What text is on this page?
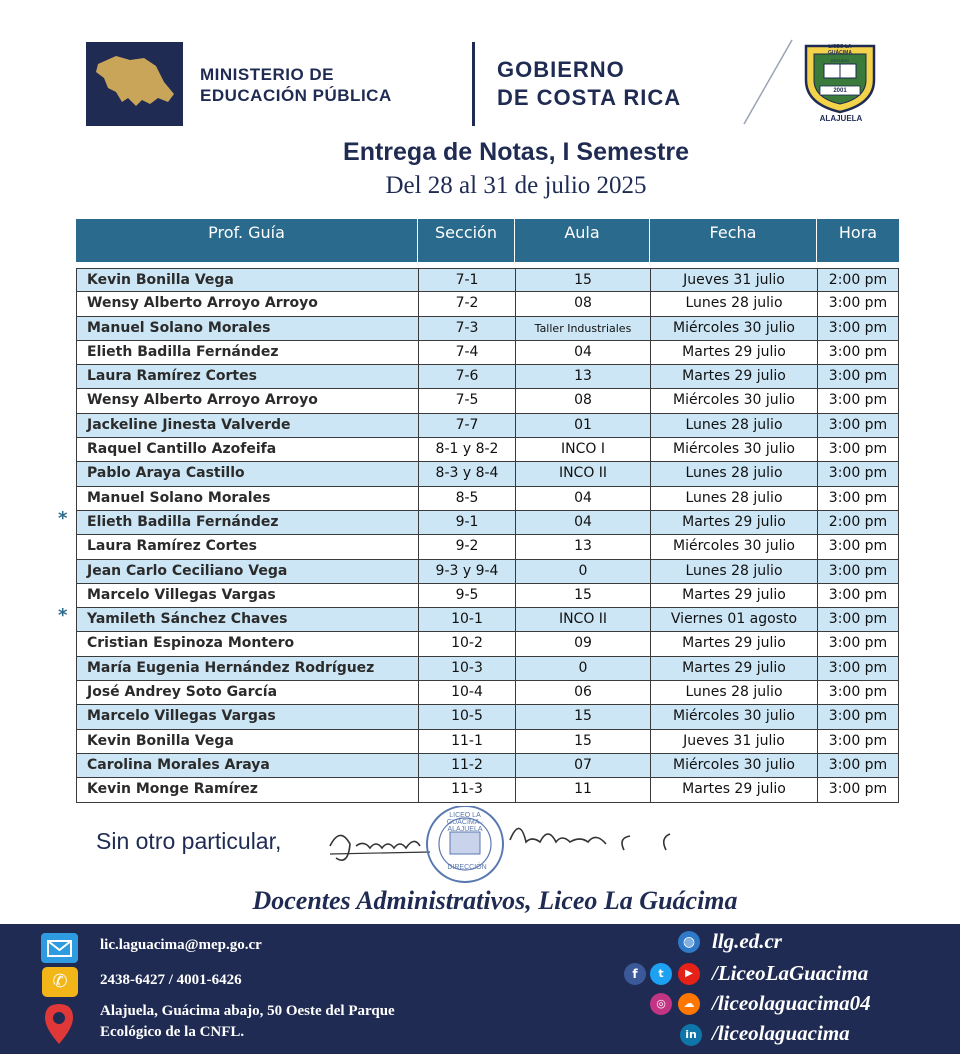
MINISTERIO DE
EDUCACIÓN PÚBLICA
GOBIERNO
DE COSTA RICA
LICEO LA GUÁCIMA
2001
ESTUDIO
ALAJUELA
Entrega de Notas, I Semestre
Del 28 al 31 de julio 2025
Prof. Guía	Sección	Aula	Fecha	Hora
Kevin Bonilla Vega	7-1	15	Jueves 31 julio	2:00 pm
Wensy Alberto Arroyo Arroyo	7-2	08	Lunes 28 julio	3:00 pm
Manuel Solano Morales	7-3	Taller Industriales	Miércoles 30 julio	3:00 pm
Elieth Badilla Fernández	7-4	04	Martes 29 julio	3:00 pm
Laura Ramírez Cortes	7-6	13	Martes 29 julio	3:00 pm
Wensy Alberto Arroyo Arroyo	7-5	08	Miércoles 30 julio	3:00 pm
Jackeline Jinesta Valverde	7-7	01	Lunes 28 julio	3:00 pm
Raquel Cantillo Azofeifa	8-1 y 8-2	INCO I	Miércoles 30 julio	3:00 pm
Pablo Araya Castillo	8-3 y 8-4	INCO II	Lunes 28 julio	3:00 pm
Manuel Solano Morales	8-5	04	Lunes 28 julio	3:00 pm
Elieth Badilla Fernández	9-1	04	Martes 29 julio	2:00 pm
Laura Ramírez Cortes	9-2	13	Miércoles 30 julio	3:00 pm
Jean Carlo Ceciliano Vega	9-3 y 9-4	0	Lunes 28 julio	3:00 pm
Marcelo Villegas Vargas	9-5	15	Martes 29 julio	3:00 pm
Yamileth Sánchez Chaves	10-1	INCO II	Viernes 01 agosto	3:00 pm
Cristian Espinoza Montero	10-2	09	Martes 29 julio	3:00 pm
María Eugenia Hernández Rodríguez	10-3	0	Martes 29 julio	3:00 pm
José Andrey Soto García	10-4	06	Lunes 28 julio	3:00 pm
Marcelo Villegas Vargas	10-5	15	Miércoles 30 julio	3:00 pm
Kevin Bonilla Vega	11-1	15	Jueves 31 julio	3:00 pm
Carolina Morales Araya	11-2	07	Miércoles 30 julio	3:00 pm
Kevin Monge Ramírez	11-3	11	Martes 29 julio	3:00 pm
*
*
Sin otro particular,
LICEO LA GUÁCIMA · ALAJUELA
DIRECCIÓN
Docentes Administrativos, Liceo La Guácima
lic.laguacima@mep.go.cr
✆	2438-6427 / 4001-6426
Alajuela, Guácima abajo, 50 Oeste del Parque
Ecológico de la CNFL.
◍ llg.ed.cr
f	t	▶ /LiceoLaGuacima
◎	☁ /liceolaguacima04
in /liceolaguacima
